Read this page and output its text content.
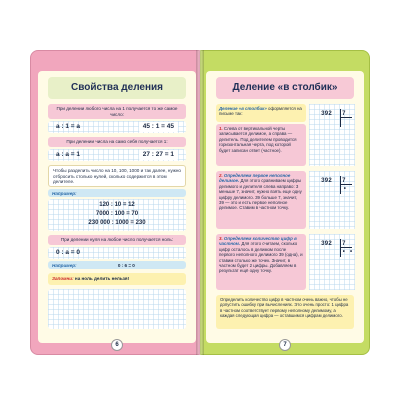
Свойства деления
При делении любого числа на 1 получается то же самое число:
a : 1 = a	45 : 1 = 45
При делении числа на само себя получается 1:
a : a = 1	27 : 27 = 1
Чтобы разделить число на 10, 100, 1000 и так далее, нужно отбросить столько нулей, сколько содержится в этом делителе.
Например:
120 : 10 = 12
7000 : 100 = 70
230 000 : 1000 = 230
При делении нуля на любое число получается ноль:
0 : a = 0
Например:	0 : 6 = 0
Запомни: на ноль делить нельзя!
6
Деление «в столбик»
Деление «в столбик» оформляется на письме так:
1. Слева от вертикальной черты записывается делимое, а справа — делитель. Под делителем проводится горизонтальная черта, под которой будет записан ответ (частное).
2. Определяем первое неполное делимое. Для этого сравниваем цифры делимого и делителя слева направо: 3 меньше 7, значит, нужно взять еще одну цифру делимого. 39 больше 7, значит, 39 — это и есть первое неполное делимое. Ставим в частном точку.
3. Определяем количество цифр в частном. Для этого считаем, сколько цифр осталось в делимом после первого неполного делимого 39 (одна), и ставим столько же точек. Значит, в частном будет 2 цифры. Добавляем в результат ещё одну точку.
392 7
392 7
•
392 7
• •
Определить количество цифр в частном очень важно, чтобы не допустить ошибку при вычислениях. Это очень просто: 1 цифра в частном соответствует первому неполному делимому, а каждая следующая цифра — оставшимся цифрам делимого.
7
